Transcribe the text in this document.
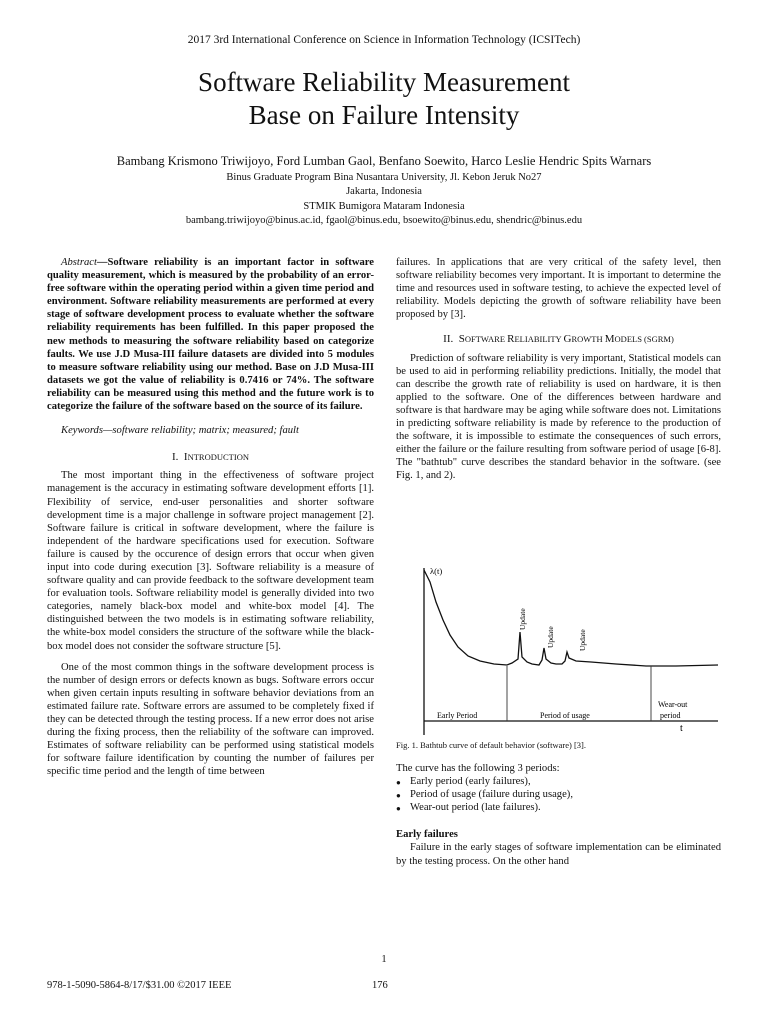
2017 3rd International Conference on Science in Information Technology (ICSITech)
Software Reliability Measurement
Base on Failure Intensity
Bambang Krismono Triwijoyo, Ford Lumban Gaol, Benfano Soewito, Harco Leslie Hendric Spits Warnars
Binus Graduate Program Bina Nusantara University, Jl. Kebon Jeruk No27
Jakarta, Indonesia
STMIK Bumigora Mataram Indonesia
bambang.triwijoyo@binus.ac.id, fgaol@binus.edu, bsoewito@binus.edu, shendric@binus.edu

Abstract—Software reliability is an important factor in software quality measurement, which is measured by the probability of an error-free software within the operating period within a given time period and environment. Software reliability measurements are performed at every stage of software development process to evaluate whether the software reliability requirements has been fulfilled. In this paper proposed the new methods to measuring the software reliability based on categorize faults. We use J.D Musa-III failure datasets are divided into 5 modules to measure software reliability using our method. Base on J.D Musa-III datasets we got the value of reliability is 0.7416 or 74%. The software reliability can be measured using this method and the future work is to categorize the failure of the software based on the source of its failure.

Keywords—software reliability; matrix; measured; fault

I. INTRODUCTION

The most important thing in the effectiveness of software project management is the accuracy in estimating software development efforts [1]. Flexibility of service, end-user personalities and shorter software development time is a major challenge in software project management [2]. Software failure is critical in software development, where the failure is independent of the hardware specifications used for execution. Software failure is caused by the occurence of design errors that occur when given input into code during execution [3]. Software reliability is a measure of software quality and can provide feedback to the software development team for evaluation tools. Software reliability model is generally divided into two categories, namely black-box model and white-box model [4]. The distinguished between the two models is in estimating software reliability, the white-box model considers the structure of the software while the black-box model does not consider the software structure [5].

One of the most common things in the software development process is the number of design errors or defects known as bugs. Software errors occur when given certain inputs resulting in software behavior deviations from an estimated failure rate. Software errors are assumed to be completely fixed if they can be detected through the testing process. If a new error does not arise during the fixing process, then the reliability of the software can improved. Estimates of software reliability can be performed using statistical models for software failure identification by counting the number of failures per specific time period and the length of time between

failures. In applications that are very critical of the safety level, then software reliability becomes very important. It is important to determine the time and resources used in software testing, to achieve the expected level of reliability. Models depicting the growth of software reliability have been proposed by [3].

II. SOFTWARE RELIABILITY GROWTH MODELS (SGRM)

Prediction of software reliability is very important, Statistical models can be used to aid in performing reliability predictions. Initially, the model that can describe the growth rate of reliability is used on hardware, it is then applied to the software. One of the differences between hardware and software is that hardware may be aging while software does not. Limitations in predicting software reliability is made by reference to the production of the software, it is impossible to estimate the consequences of such errors, either the failure or the failure resulting from software period of usage [6-8]. The "bathtub" curve describes the standard behavior in the software. (see Fig. 1, and 2).

λ(t)
t
Update
Update	Update
Early Period	Period of usage
Wear-out
period
Fig. 1. Bathtub curve of default behavior (software) [3].

The curve has the following 3 periods:

● Early period (early failures),
● Period of usage (failure during usage),
● Wear-out period (late failures).

Early failures

Failure in the early stages of software implementation can be eliminated by the testing process. On the other hand

1
978-1-5090-5864-8/17/$31.00 ©2017 IEEE	176
